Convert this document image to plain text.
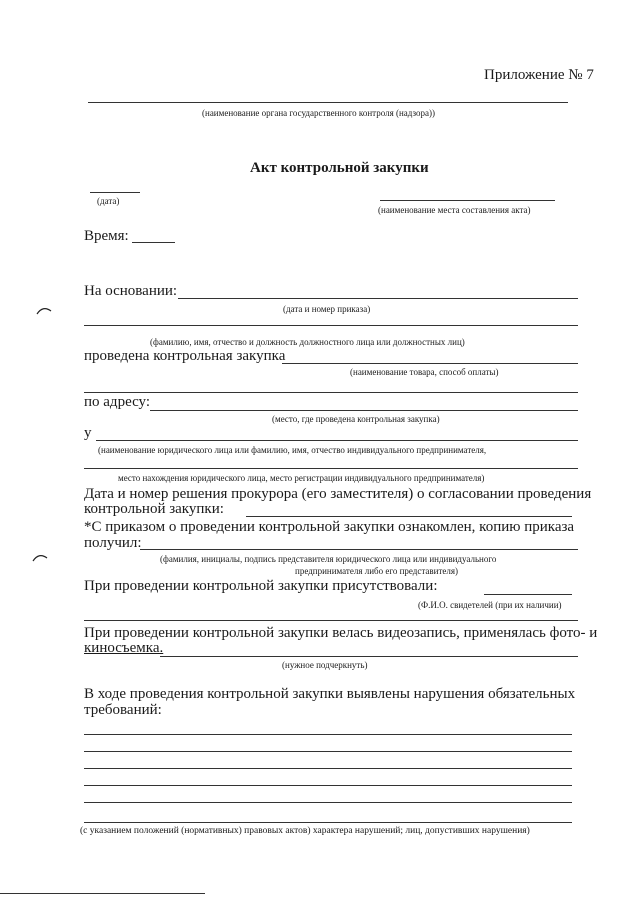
Приложение № 7
(наименование органа государственного контроля (надзора))
Акт контрольной закупки
(дата)
(наименование места составления акта)
Время:
На основании:
(дата и номер приказа)
(фамилию, имя, отчество и должность должностного лица или должностных лиц)
проведена контрольная закупка
(наименование товара, способ оплаты)
по адресу:
(место, где проведена контрольная закупка)
у
(наименование юридического лица или фамилию, имя, отчество индивидуального предпринимателя,
место нахождения юридического лица, место регистрации индивидуального предпринимателя)
Дата и номер решения прокурора (его заместителя) о согласовании проведения
контрольной закупки:
*С приказом о проведении контрольной закупки ознакомлен, копию приказа
получил:
(фамилия, инициалы, подпись представителя юридического лица или индивидуального
предпринимателя либо его представителя)
При проведении контрольной закупки присутствовали:
(Ф.И.О. свидетелей (при их наличии)
При проведении контрольной закупки велась видеозапись, применялась фото- и
киносъемка.
(нужное подчеркнуть)
В ходе проведения контрольной закупки выявлены нарушения обязательных
требований:
(с указанием положений (нормативных) правовых актов) характера нарушений; лиц, допустивших нарушения)
